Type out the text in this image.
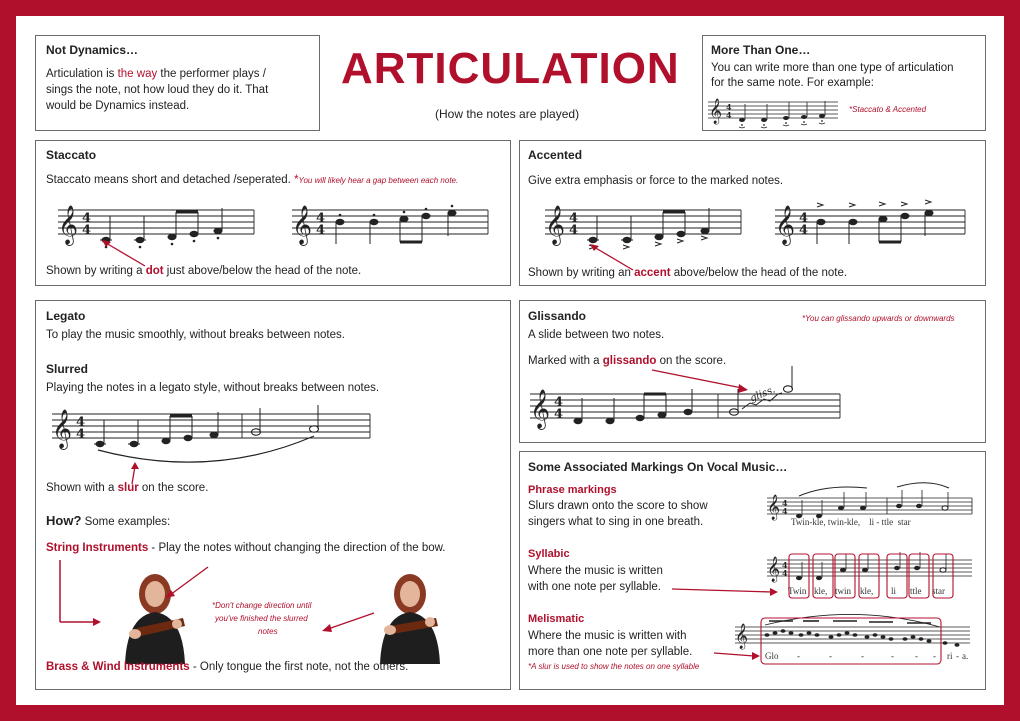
Not Dynamics…
Articulation is the way the performer plays /
sings the note, not how loud they do it. That
would be Dynamics instead.
ARTICULATION
(How the notes are played)
More Than One…
You can write more than one type of articulation
for the same note. For example:
*Staccato & Accented
𝄞 4
4
Staccato
Staccato means short and detached /seperated. *You will likely hear a gap between each note.
𝄞 4
4	𝄞 4
4
Shown by writing a dot just above/below the head of the note.
Accented
Give extra emphasis or force to the marked notes.
𝄞 4
4	𝄞 4
4
Shown by writing an accent above/below the head of the note.
Legato
To play the music smoothly, without breaks between notes.
Slurred
Playing the notes in a legato style, without breaks between notes.
𝄞 4
4
Shown with a slur on the score.
How? Some examples:
String Instruments - Play the notes without changing the direction of the bow.
*Don't change direction until
you've finished the slurred
notes
Brass & Wind Instruments - Only tongue the first note, not the others.
Glissando	*You can glissando upwards or downwards
A slide between two notes.
Marked with a glissando on the score.
𝄞 4
4
gliss.
Some Associated Markings On Vocal Music…
Phrase markings
Slurs drawn onto the score to show
singers what to sing in one breath.
𝄞 4
4
Twin-kle, twin-kle, li - ttle star
Syllabic
Where the music is written
with one note per syllable.
𝄞 4
4
Twin kle, twin kle, li ttle star
Melismatic
Where the music is written with
more than one note per syllable.
*A slur is used to show the notes on one syllable
𝄞
Glo -	-	-	- - - ri - a.
